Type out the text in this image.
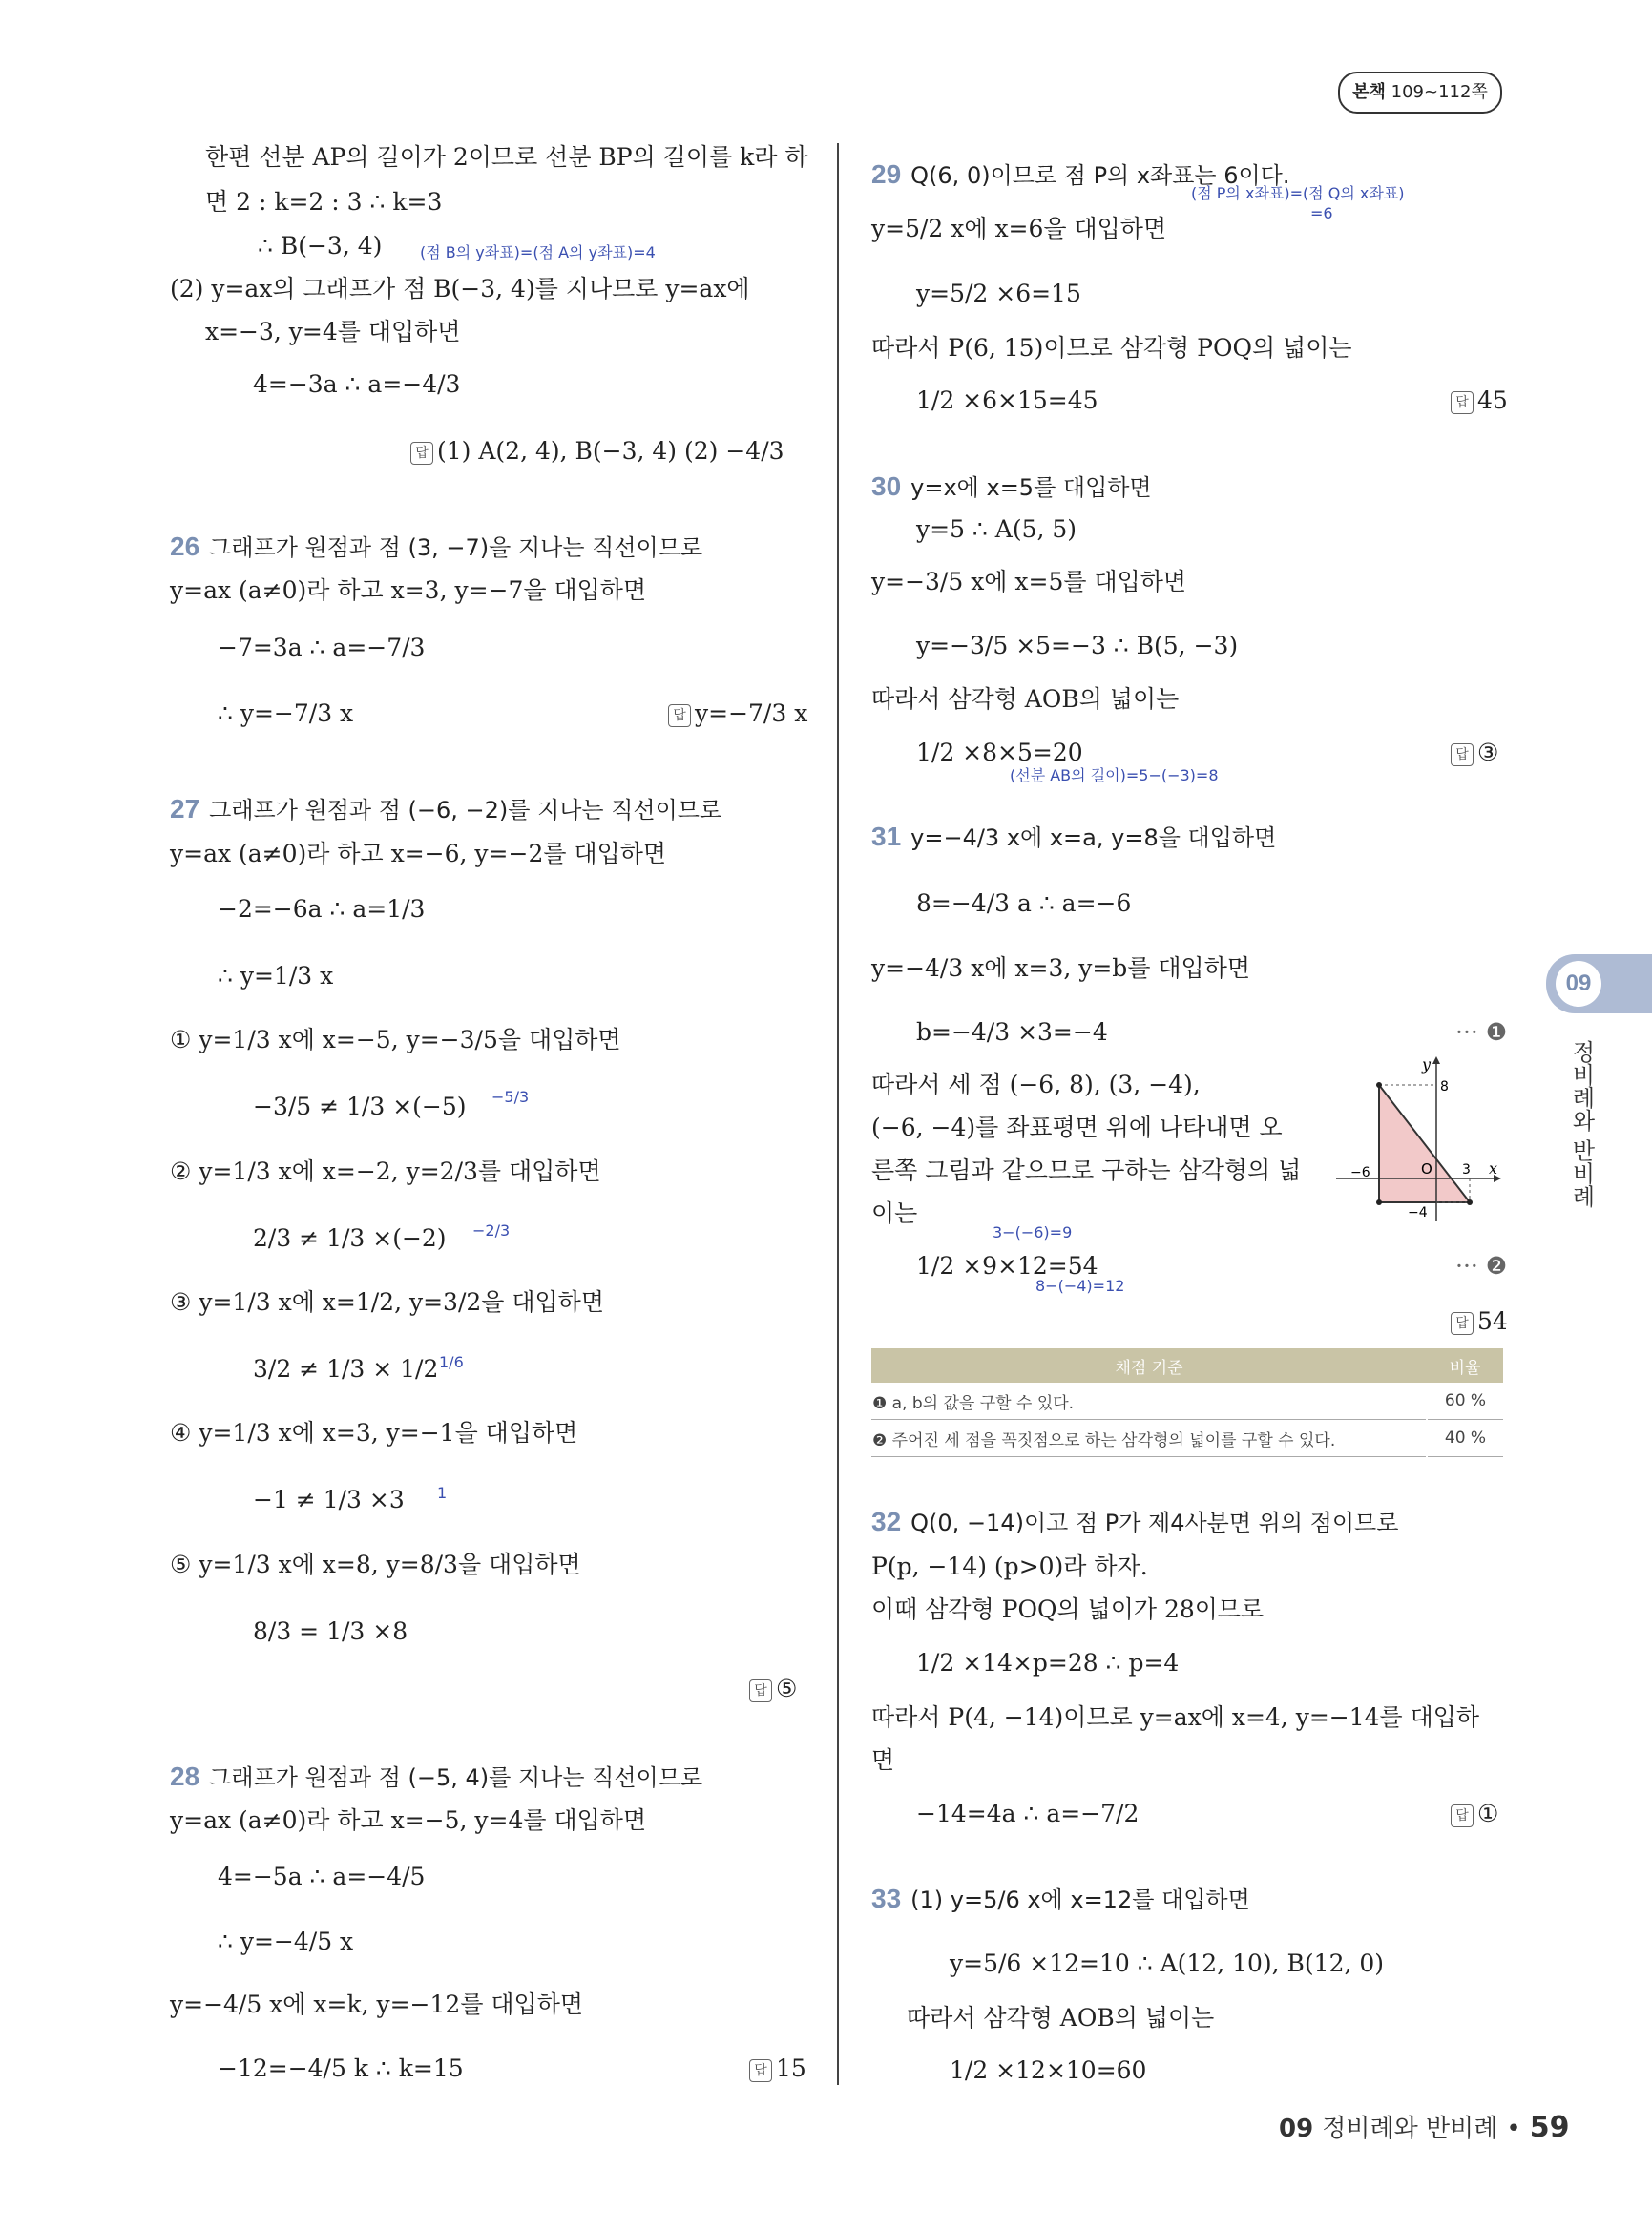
본책 109~112쪽
한편 선분 AP의 길이가 2이므로 선분 BP의 길이를 k라 하
면 2 : k=2 : 3 ∴ k=3
∴ B(−3, 4) (점 B의 y좌표)=(점 A의 y좌표)=4
(2) y=ax의 그래프가 점 B(−3, 4)를 지나므로 y=ax에
x=−3, y=4를 대입하면
4=−3a ∴ a=−4/3
답 (1) A(2, 4), B(−3, 4) (2) −4/3
26 그래프가 원점과 점 (3, −7)을 지나는 직선이므로
y=ax (a≠0)라 하고 x=3, y=−7을 대입하면
−7=3a ∴ a=−7/3
∴ y=−7/3 x	답 y=−7/3 x
27 그래프가 원점과 점 (−6, −2)를 지나는 직선이므로
y=ax (a≠0)라 하고 x=−6, y=−2를 대입하면
−2=−6a ∴ a=1/3
∴ y=1/3 x
① y=1/3 x에 x=−5, y=−3/5을 대입하면
−3/5 ≠ 1/3 ×(−5) −5/3
② y=1/3 x에 x=−2, y=2/3를 대입하면
2/3 ≠ 1/3 ×(−2) −2/3
③ y=1/3 x에 x=1/2, y=3/2을 대입하면
3/2 ≠ 1/3 × 1/2 1/6
④ y=1/3 x에 x=3, y=−1을 대입하면
−1 ≠ 1/3 ×3 1
⑤ y=1/3 x에 x=8, y=8/3을 대입하면
8/3 = 1/3 ×8
답 ⑤
28 그래프가 원점과 점 (−5, 4)를 지나는 직선이므로
y=ax (a≠0)라 하고 x=−5, y=4를 대입하면
4=−5a ∴ a=−4/5
∴ y=−4/5 x
y=−4/5 x에 x=k, y=−12를 대입하면
−12=−4/5 k ∴ k=15	답 15
29 Q(6, 0)이므로 점 P의 x좌표는 6이다.
(점 P의 x좌표)=(점 Q의 x좌표)
=6
y=5/2 x에 x=6을 대입하면
y=5/2 ×6=15
따라서 P(6, 15)이므로 삼각형 POQ의 넓이는
1/2 ×6×15=45	답 45
30 y=x에 x=5를 대입하면
y=5 ∴ A(5, 5)
y=−3/5 x에 x=5를 대입하면
y=−3/5 ×5=−3 ∴ B(5, −3)
따라서 삼각형 AOB의 넓이는
1/2 ×8×5=20
(선분 AB의 길이)=5−(−3)=8
답 ③
31 y=−4/3 x에 x=a, y=8을 대입하면
8=−4/3 a ∴ a=−6
y=−4/3 x에 x=3, y=b를 대입하면
b=−4/3 ×3=−4	··· ❶
따라서 세 점 (−6, 8), (3, −4),
(−6, −4)를 좌표평면 위에 나타내면 오
른쪽 그림과 같으므로 구하는 삼각형의 넓
이는
3−(−6)=9
1/2 ×9×12=54
8−(−4)=12
··· ❷
답 54
32 Q(0, −14)이고 점 P가 제4사분면 위의 점이므로
P(p, −14) (p>0)라 하자.
이때 삼각형 POQ의 넓이가 28이므로
1/2 ×14×p=28 ∴ p=4
따라서 P(4, −14)이므로 y=ax에 x=4, y=−14를 대입하
면
−14=4a ∴ a=−7/2	답 ①
33 (1) y=5/6 x에 x=12를 대입하면
y=5/6 ×12=10 ∴ A(12, 10), B(12, 0)
따라서 삼각형 AOB의 넓이는
1/2 ×12×10=60
09
정비례와 반비례
y
x
O
−6	3
8
−4
채점 기준	비율
❶ a, b의 값을 구할 수 있다.	60 %
❷ 주어진 세 점을 꼭짓점으로 하는 삼각형의 넓이를 구할 수 있다.	40 %
09 정비례와 반비례 • 59
